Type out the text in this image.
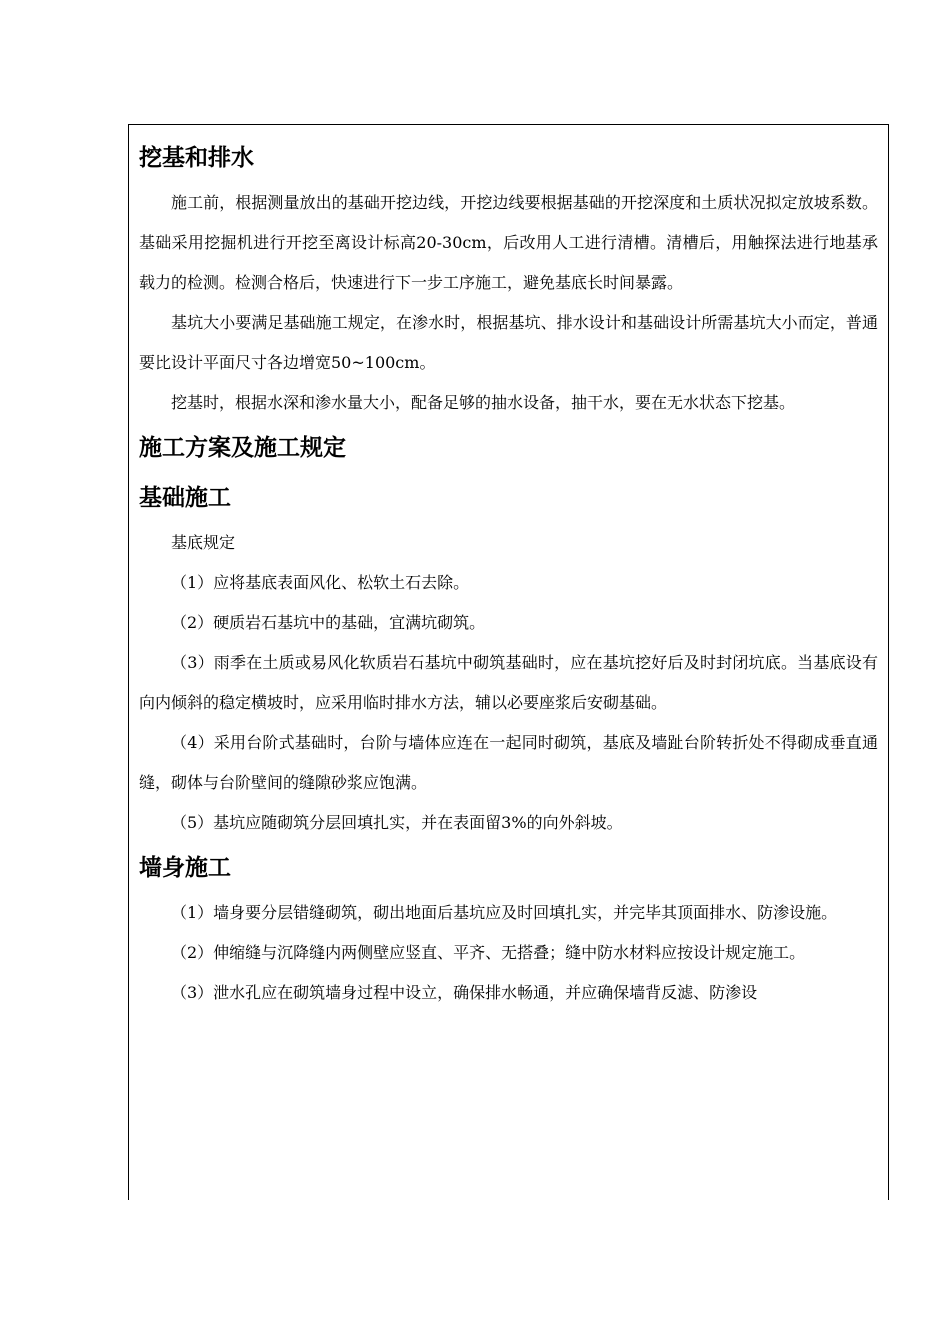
挖基和排水

施工前，根据测量放出的基础开挖边线，开挖边线要根据基础的开挖深度和土质状况拟定放坡系数。基础采用挖掘机进行开挖至离设计标高20-30cm，后改用人工进行清槽。清槽后，用触探法进行地基承载力的检测。检测合格后，快速进行下一步工序施工，避免基底长时间暴露。

基坑大小要满足基础施工规定，在渗水时，根据基坑、排水设计和基础设计所需基坑大小而定，普通要比设计平面尺寸各边增宽50~100cm。

挖基时，根据水深和渗水量大小，配备足够的抽水设备，抽干水，要在无水状态下挖基。

施工方案及施工规定
基础施工

基底规定

（1）应将基底表面风化、松软土石去除。

（2）硬质岩石基坑中的基础，宜满坑砌筑。

（3）雨季在土质或易风化软质岩石基坑中砌筑基础时，应在基坑挖好后及时封闭坑底。当基底设有向内倾斜的稳定横坡时，应采用临时排水方法，辅以必要座浆后安砌基础。

（4）采用台阶式基础时，台阶与墙体应连在一起同时砌筑，基底及墙趾台阶转折处不得砌成垂直通缝，砌体与台阶壁间的缝隙砂浆应饱满。

（5）基坑应随砌筑分层回填扎实，并在表面留3%的向外斜坡。

墙身施工

（1）墙身要分层错缝砌筑，砌出地面后基坑应及时回填扎实，并完毕其顶面排水、防渗设施。

（2）伸缩缝与沉降缝内两侧壁应竖直、平齐、无搭叠；缝中防水材料应按设计规定施工。

（3）泄水孔应在砌筑墙身过程中设立，确保排水畅通，并应确保墙背反滤、防渗设
